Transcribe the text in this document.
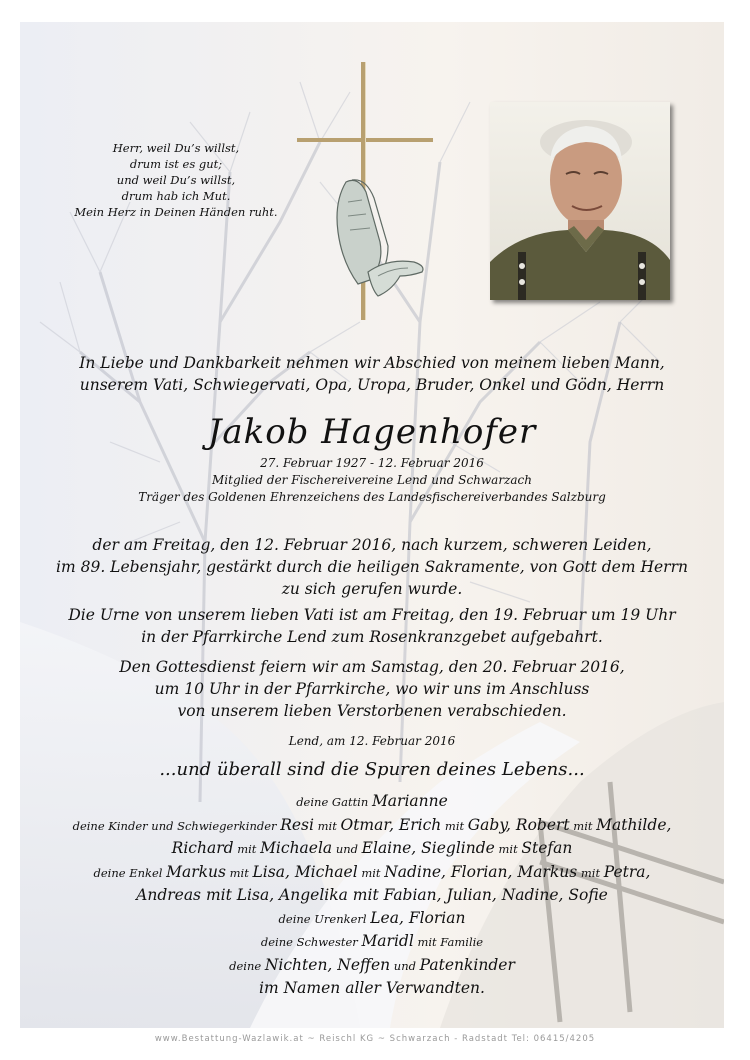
Herr, weil Du’s willst,
drum ist es gut;
und weil Du’s willst,
drum hab ich Mut.
Mein Herz in Deinen Händen ruht.
In Liebe und Dankbarkeit nehmen wir Abschied von meinem lieben Mann,
unserem Vati, Schwiegervati, Opa, Uropa, Bruder, Onkel und Gödn, Herrn
Jakob Hagenhofer
27. Februar 1927 - 12. Februar 2016
Mitglied der Fischereivereine Lend und Schwarzach
Träger des Goldenen Ehrenzeichens des Landesfischereiverbandes Salzburg
der am Freitag, den 12. Februar 2016, nach kurzem, schweren Leiden,
im 89. Lebensjahr, gestärkt durch die heiligen Sakramente, von Gott dem Herrn
zu sich gerufen wurde.
Die Urne von unserem lieben Vati ist am Freitag, den 19. Februar um 19 Uhr
in der Pfarrkirche Lend zum Rosenkranzgebet aufgebahrt.
Den Gottesdienst feiern wir am Samstag, den 20. Februar 2016,
um 10 Uhr in der Pfarrkirche, wo wir uns im Anschluss
von unserem lieben Verstorbenen verabschieden.
Lend, am 12. Februar 2016
...und überall sind die Spuren deines Lebens...
deine Gattin Marianne
deine Kinder und Schwiegerkinder Resi mit Otmar, Erich mit Gaby, Robert mit Mathilde,
Richard mit Michaela und Elaine, Sieglinde mit Stefan
deine Enkel Markus mit Lisa, Michael mit Nadine, Florian, Markus mit Petra,
Andreas mit Lisa, Angelika mit Fabian, Julian, Nadine, Sofie
deine Urenkerl Lea, Florian
deine Schwester Maridl mit Familie
deine Nichten, Neffen und Patenkinder
im Namen aller Verwandten.
www.Bestattung-Wazlawik.at ~ Reischl KG ~ Schwarzach - Radstadt Tel: 06415/4205
